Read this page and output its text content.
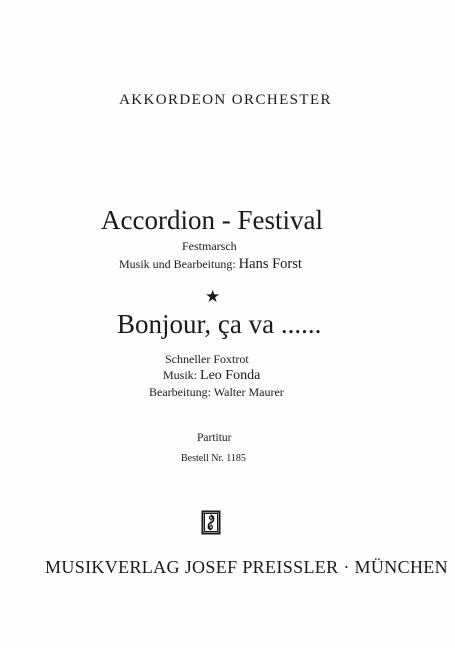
AKKORDEON ORCHESTER
Accordion - Festival
Festmarsch
Musik und Bearbeitung: Hans Forst
★
Bonjour, ça va ......
Schneller Foxtrot
Musik: Leo Fonda
Bearbeitung: Walter Maurer
Partitur
Bestell Nr. 1185
MUSIKVERLAG JOSEF PREISSLER · MÜNCHEN
